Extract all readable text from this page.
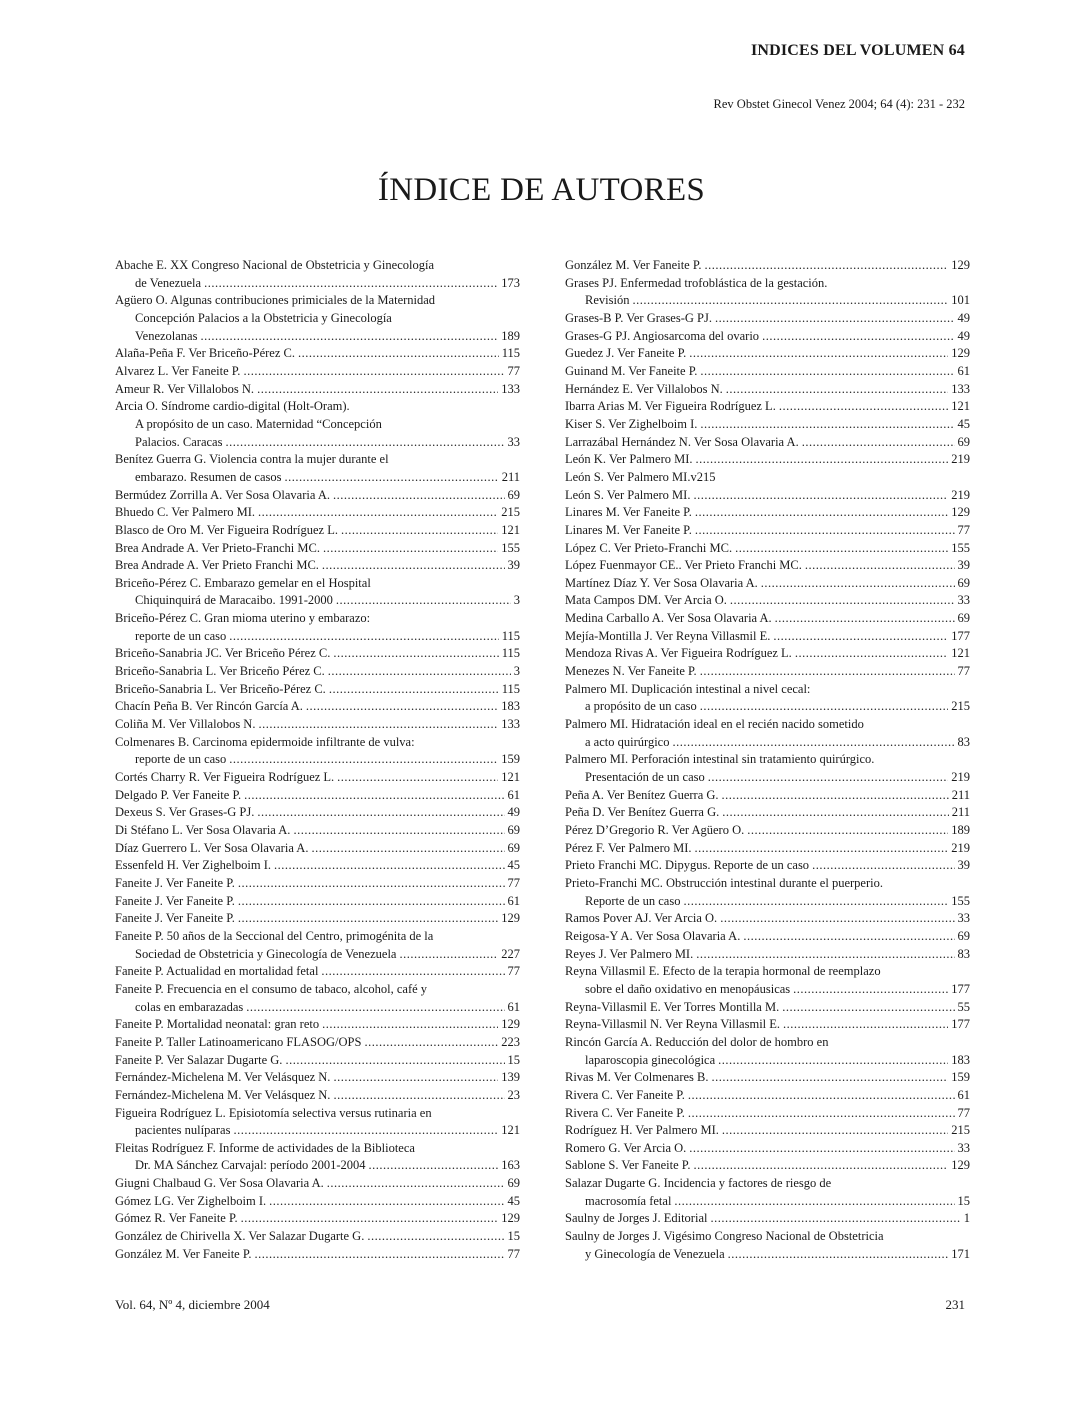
INDICES DEL VOLUMEN 64
Rev Obstet Ginecol Venez 2004; 64 (4): 231 - 232
ÍNDICE DE AUTORES
Abache E. XX Congreso Nacional de Obstetricia y Ginecología
de Venezuela .....	173
Agüero O. Algunas contribuciones primiciales de la Maternidad
Concepción Palacios a la Obstetricia y Ginecología
Venezolanas .....	189
Alaña-Peña F. Ver Briceño-Pérez C. .....	115
Alvarez L. Ver Faneite P. .....	77
Ameur R. Ver Villalobos N. .....	133
Arcia O. Síndrome cardio-digital (Holt-Oram).
A propósito de un caso. Maternidad “Concepción
Palacios. Caracas .....	33
Benítez Guerra G. Violencia contra la mujer durante el
embarazo. Resumen de casos .....	211
Bermúdez Zorrilla A. Ver Sosa Olavaria A. .....	69
Bhuedo C. Ver Palmero MI. .....	215
Blasco de Oro M. Ver Figueira Rodríguez L. .....	121
Brea Andrade A. Ver Prieto-Franchi MC. .....	155
Brea Andrade A. Ver Prieto Franchi MC. .....	39
Briceño-Pérez C. Embarazo gemelar en el Hospital
Chiquinquirá de Maracaibo. 1991-2000 .....	3
Briceño-Pérez C. Gran mioma uterino y embarazo:
reporte de un caso .....	115
Briceño-Sanabria JC. Ver Briceño Pérez C. .....	115
Briceño-Sanabria L. Ver Briceño Pérez C. .....	3
Briceño-Sanabria L. Ver Briceño-Pérez C. .....	115
Chacín Peña B. Ver Rincón García A. .....	183
Coliña M. Ver Villalobos N. .....	133
Colmenares B. Carcinoma epidermoide infiltrante de vulva:
reporte de un caso .....	159
Cortés Charry R. Ver Figueira Rodríguez L. .....	121
Delgado P. Ver Faneite P. .....	61
Dexeus S. Ver Grases-G PJ. .....	49
Di Stéfano L. Ver Sosa Olavaria A. .....	69
Díaz Guerrero L. Ver Sosa Olavaria A. .....	69
Essenfeld H. Ver Zighelboim I. .....	45
Faneite J. Ver Faneite P. .....	77
Faneite J. Ver Faneite P. .....	61
Faneite J. Ver Faneite P. .....	129
Faneite P. 50 años de la Seccional del Centro, primogénita de la
Sociedad de Obstetricia y Ginecología de Venezuela .....	227
Faneite P. Actualidad en mortalidad fetal .....	77
Faneite P. Frecuencia en el consumo de tabaco, alcohol, café y
colas en embarazadas .....	61
Faneite P. Mortalidad neonatal: gran reto .....	129
Faneite P. Taller Latinoamericano FLASOG/OPS .....	223
Faneite P. Ver Salazar Dugarte G. .....	15
Fernández-Michelena M. Ver Velásquez N. .....	139
Fernández-Michelena M. Ver Velásquez N. .....	23
Figueira Rodríguez L. Episiotomía selectiva versus rutinaria en
pacientes nulíparas .....	121
Fleitas Rodríguez F. Informe de actividades de la Biblioteca
Dr. MA Sánchez Carvajal: período 2001-2004 .....	163
Giugni Chalbaud G. Ver Sosa Olavaria A. .....	69
Gómez LG. Ver Zighelboim I. .....	45
Gómez R. Ver Faneite P. .....	129
González de Chirivella X. Ver Salazar Dugarte G. .....	15
González M. Ver Faneite P. .....	77
González M. Ver Faneite P. .....	129
Grases PJ. Enfermedad trofoblástica de la gestación.
Revisión .....	101
Grases-B P. Ver Grases-G PJ. .....	49
Grases-G PJ. Angiosarcoma del ovario .....	49
Guedez J. Ver Faneite P. .....	129
Guinand M. Ver Faneite P. .....	61
Hernández E. Ver Villalobos N. .....	133
Ibarra Arias M. Ver Figueira Rodríguez L. .....	121
Kiser S. Ver Zighelboim I. .....	45
Larrazábal Hernández N. Ver Sosa Olavaria A. .....	69
León K. Ver Palmero MI. .....	219
León S. Ver Palmero MI.v215
León S. Ver Palmero MI. .....	219
Linares M. Ver Faneite P. .....	129
Linares M. Ver Faneite P. .....	77
López C. Ver Prieto-Franchi MC. .....	155
López Fuenmayor CE.. Ver Prieto Franchi MC. .....	39
Martínez Díaz Y. Ver Sosa Olavaria A. .....	69
Mata Campos DM. Ver Arcia O. .....	33
Medina Carballo A. Ver Sosa Olavaria A. .....	69
Mejía-Montilla J. Ver Reyna Villasmil E. .....	177
Mendoza Rivas A. Ver Figueira Rodríguez L. .....	121
Menezes N. Ver Faneite P. .....	77
Palmero MI. Duplicación intestinal a nivel cecal:
a propósito de un caso .....	215
Palmero MI. Hidratación ideal en el recién nacido sometido
a acto quirúrgico .....	83
Palmero MI. Perforación intestinal sin tratamiento quirúrgico.
Presentación de un caso .....	219
Peña A. Ver Benítez Guerra G. .....	211
Peña D. Ver Benítez Guerra G. .....	211
Pérez D’Gregorio R. Ver Agüero O. .....	189
Pérez F. Ver Palmero MI. .....	219
Prieto Franchi MC. Dipygus. Reporte de un caso .....	39
Prieto-Franchi MC. Obstrucción intestinal durante el puerperio.
Reporte de un caso .....	155
Ramos Pover AJ. Ver Arcia O. .....	33
Reigosa-Y A. Ver Sosa Olavaria A. .....	69
Reyes J. Ver Palmero MI. .....	83
Reyna Villasmil E. Efecto de la terapia hormonal de reemplazo
sobre el daño oxidativo en menopáusicas .....	177
Reyna-Villasmil E. Ver Torres Montilla M. .....	55
Reyna-Villasmil N. Ver Reyna Villasmil E. .....	177
Rincón García A. Reducción del dolor de hombro en
laparoscopia ginecológica .....	183
Rivas M. Ver Colmenares B. .....	159
Rivera C. Ver Faneite P. .....	61
Rivera C. Ver Faneite P. .....	77
Rodríguez H. Ver Palmero MI. .....	215
Romero G. Ver Arcia O. .....	33
Sablone S. Ver Faneite P. .....	129
Salazar Dugarte G. Incidencia y factores de riesgo de
macrosomía fetal .....	15
Saulny de Jorges J. Editorial .....	1
Saulny de Jorges J. Vigésimo Congreso Nacional de Obstetricia
y Ginecología de Venezuela .....	171
Vol. 64, Nº 4, diciembre 2004	231
